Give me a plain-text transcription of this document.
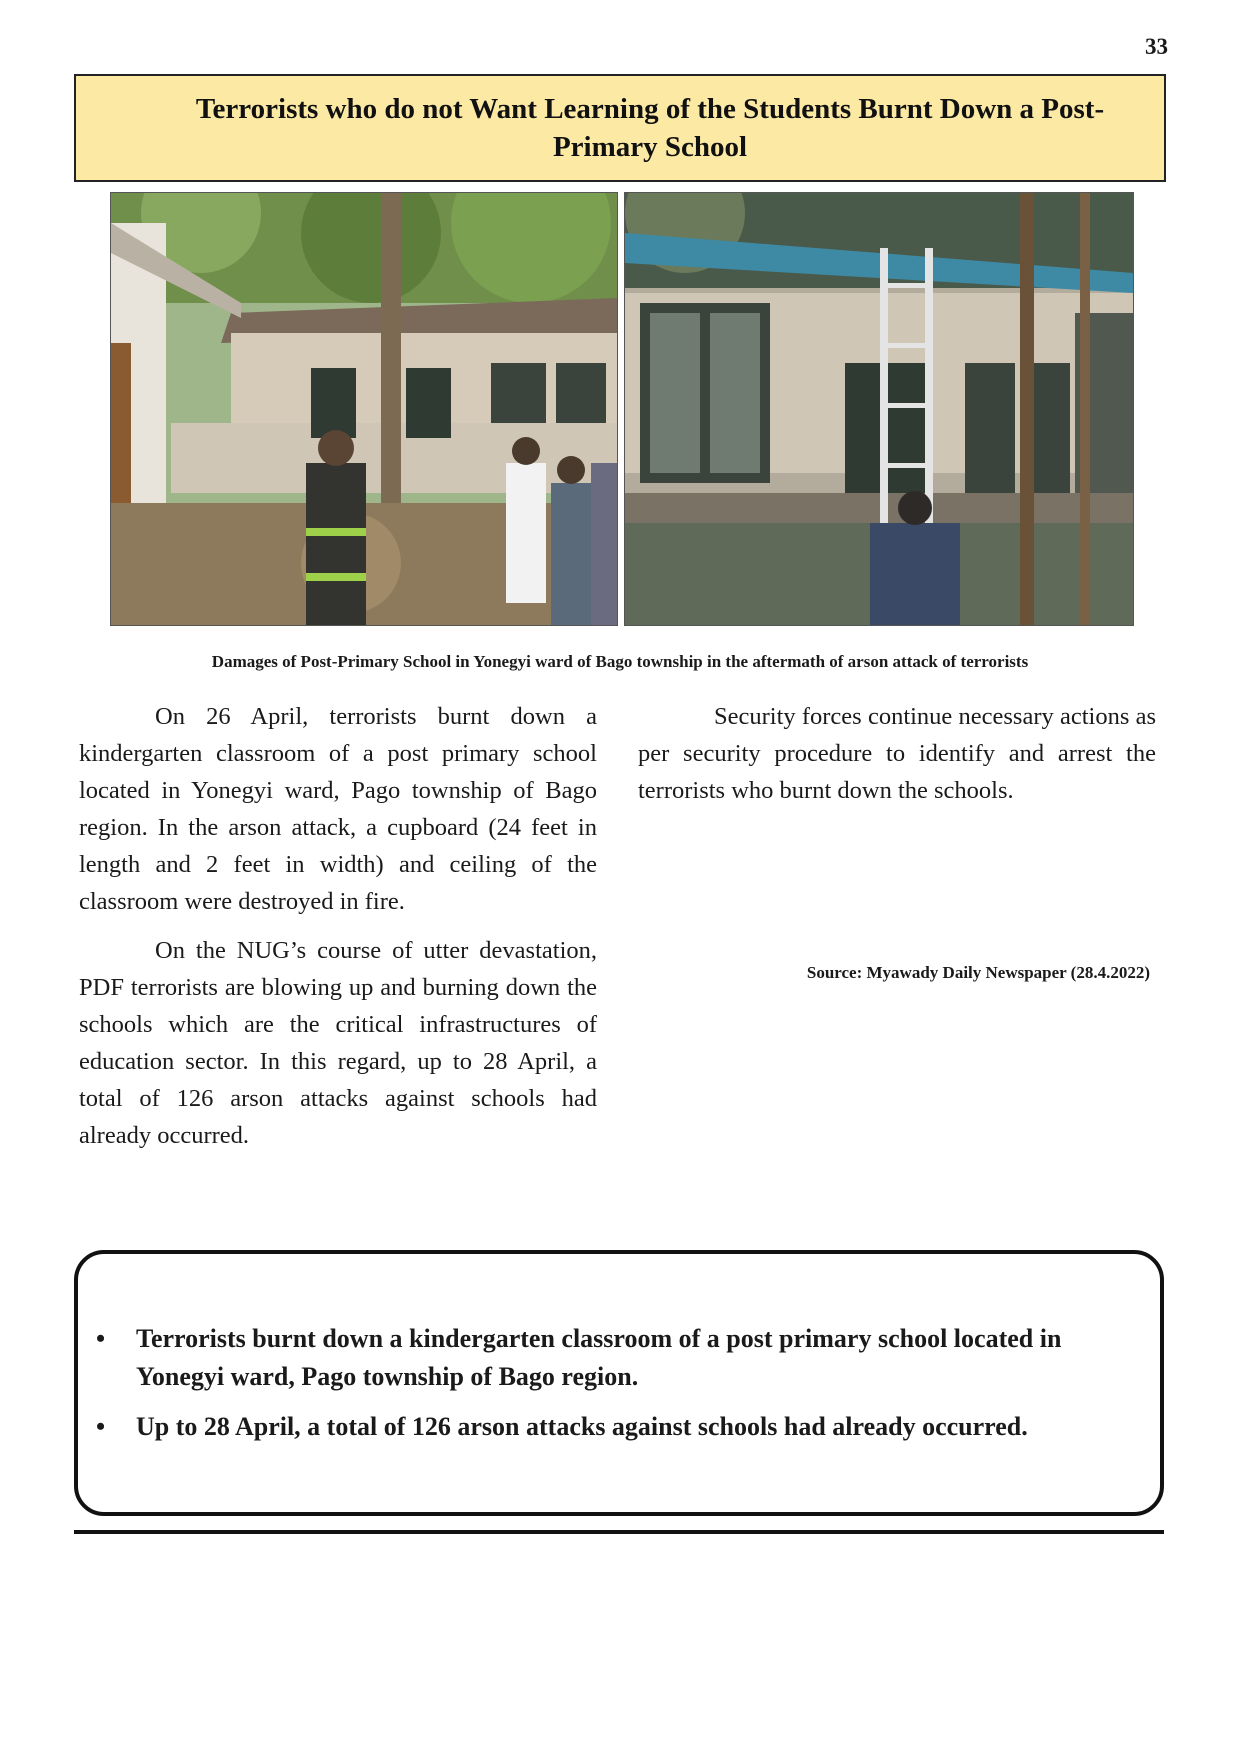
33
Terrorists who do not Want Learning of the Students Burnt Down a Post-Primary School
Damages of Post-Primary School in Yonegyi ward of Bago township in the aftermath of arson attack of terrorists

On 26 April, terrorists burnt down a kindergarten classroom of a post primary school located in Yonegyi ward, Pago township of Bago region. In the arson attack, a cupboard (24 feet in length and 2 feet in width) and ceiling of the classroom were destroyed in fire.

On the NUG’s course of utter devastation, PDF terrorists are blowing up and burning down the schools which are the critical infrastructures of education sector. In this regard, up to 28 April, a total of 126 arson attacks against schools had already occurred.

Security forces continue necessary actions as per security procedure to identify and arrest the terrorists who burnt down the schools.

Source: Myawady Daily Newspaper (28.4.2022)
• Terrorists burnt down a kindergarten classroom of a post primary school located in Yonegyi ward, Pago township of Bago region.
• Up to 28 April, a total of 126 arson attacks against schools had already occurred.
